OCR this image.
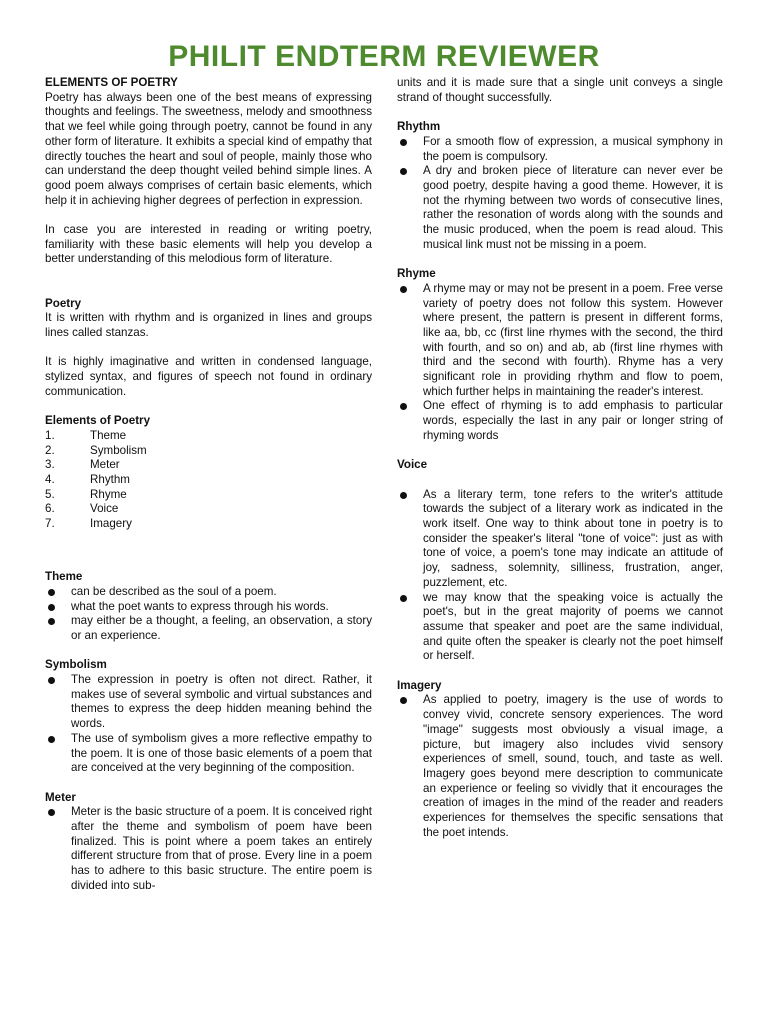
PHILIT ENDTERM REVIEWER
ELEMENTS OF POETRY

Poetry has always been one of the best means of expressing thoughts and feelings. The sweetness, melody and smoothness that we feel while going through poetry, cannot be found in any other form of literature. It exhibits a special kind of empathy that directly touches the heart and soul of people, mainly those who can understand the deep thought veiled behind simple lines. A good poem always comprises of certain basic elements, which help it in achieving higher degrees of perfection in expression.

In case you are interested in reading or writing poetry, familiarity with these basic elements will help you develop a better understanding of this melodious form of literature.

Poetry

It is written with rhythm and is organized in lines and groups lines called stanzas.

It is highly imaginative and written in condensed language, stylized syntax, and figures of speech not found in ordinary communication.

Elements of Poetry
1.	Theme
2.	Symbolism
3.	Meter
4.	Rhythm
5.	Rhyme
6.	Voice
7.	Imagery
Theme
can be described as the soul of a poem.
what the poet wants to express through his words.
may either be a thought, a feeling, an observation, a story or an experience.
Symbolism
The expression in poetry is often not direct. Rather, it makes use of several symbolic and virtual substances and themes to express the deep hidden meaning behind the words.
The use of symbolism gives a more reflective empathy to the poem. It is one of those basic elements of a poem that are conceived at the very beginning of the composition.
Meter
Meter is the basic structure of a poem. It is conceived right after the theme and symbolism of poem have been finalized. This is point where a poem takes an entirely different structure from that of prose. Every line in a poem has to adhere to this basic structure. The entire poem is divided into sub-

units and it is made sure that a single unit conveys a single strand of thought successfully.

Rhythm
For a smooth flow of expression, a musical symphony in the poem is compulsory.
A dry and broken piece of literature can never ever be good poetry, despite having a good theme. However, it is not the rhyming between two words of consecutive lines, rather the resonation of words along with the sounds and the music produced, when the poem is read aloud. This musical link must not be missing in a poem.
Rhyme
A rhyme may or may not be present in a poem. Free verse variety of poetry does not follow this system. However where present, the pattern is present in different forms, like aa, bb, cc (first line rhymes with the second, the third with fourth, and so on) and ab, ab (first line rhymes with third and the second with fourth). Rhyme has a very significant role in providing rhythm and flow to poem, which further helps in maintaining the reader's interest.
One effect of rhyming is to add emphasis to particular words, especially the last in any pair or longer string of rhyming words
Voice
As a literary term, tone refers to the writer's attitude towards the subject of a literary work as indicated in the work itself. One way to think about tone in poetry is to consider the speaker's literal "tone of voice": just as with tone of voice, a poem's tone may indicate an attitude of joy, sadness, solemnity, silliness, frustration, anger, puzzlement, etc.
we may know that the speaking voice is actually the poet's, but in the great majority of poems we cannot assume that speaker and poet are the same individual, and quite often the speaker is clearly not the poet himself or herself.
Imagery
As applied to poetry, imagery is the use of words to convey vivid, concrete sensory experiences. The word "image" suggests most obviously a visual image, a picture, but imagery also includes vivid sensory experiences of smell, sound, touch, and taste as well. Imagery goes beyond mere description to communicate an experience or feeling so vividly that it encourages the creation of images in the mind of the reader and readers experiences for themselves the specific sensations that the poet intends.
